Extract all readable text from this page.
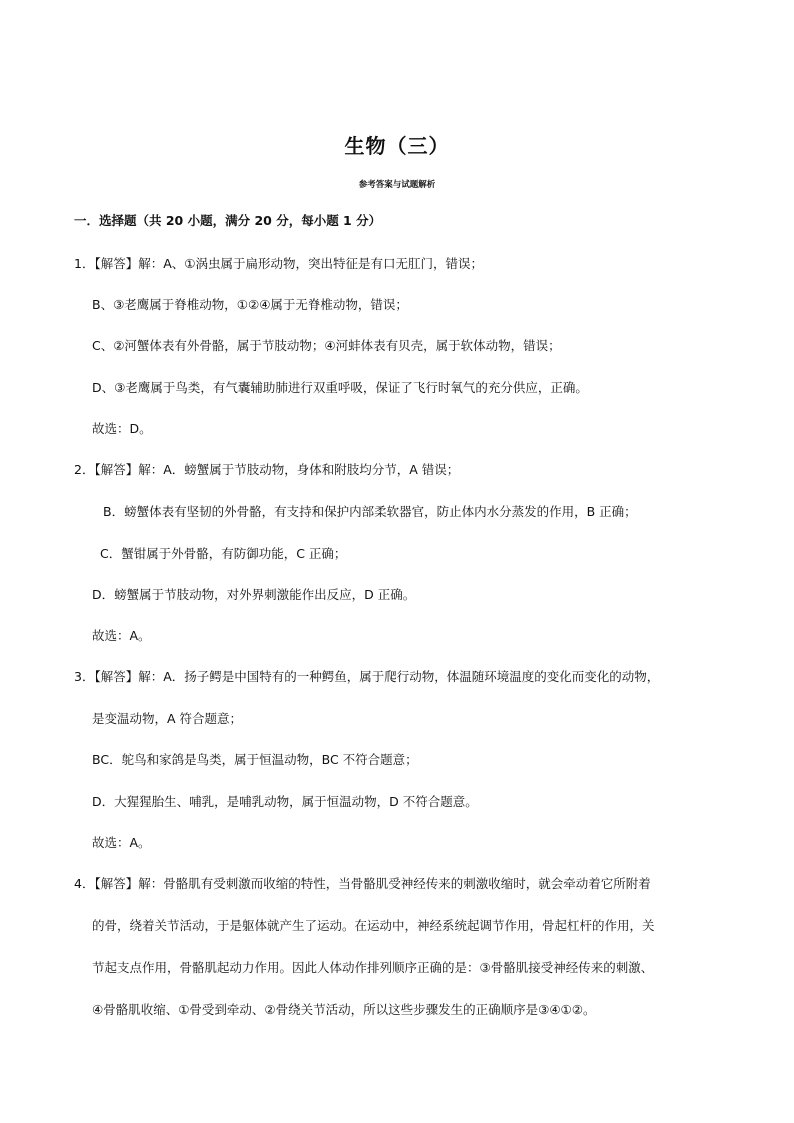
生物（三）
参考答案与试题解析
一．选择题（共 20 小题，满分 20 分，每小题 1 分）
1．【解答】解：A、①涡虫属于扁形动物，突出特征是有口无肛门，错误；
B、③老鹰属于脊椎动物，①②④属于无脊椎动物，错误；
C、②河蟹体表有外骨骼，属于节肢动物；④河蚌体表有贝壳，属于软体动物，错误；
D、③老鹰属于鸟类，有气囊辅助肺进行双重呼吸，保证了飞行时氧气的充分供应，正确。
故选：D。
2．【解答】解：A．螃蟹属于节肢动物，身体和附肢均分节，A 错误；
B．螃蟹体表有坚韧的外骨骼，有支持和保护内部柔软器官，防止体内水分蒸发的作用，B 正确；
C．蟹钳属于外骨骼，有防御功能，C 正确；
D．螃蟹属于节肢动物，对外界刺激能作出反应，D 正确。
故选：A。
3．【解答】解：A．扬子鳄是中国特有的一种鳄鱼，属于爬行动物，体温随环境温度的变化而变化的动物，
是变温动物，A 符合题意；
BC．鸵鸟和家鸽是鸟类，属于恒温动物，BC 不符合题意；
D．大猩猩胎生、哺乳，是哺乳动物，属于恒温动物，D 不符合题意。
故选：A。
4．【解答】解：骨骼肌有受刺激而收缩的特性，当骨骼肌受神经传来的刺激收缩时，就会牵动着它所附着
的骨，绕着关节活动，于是躯体就产生了运动。在运动中，神经系统起调节作用，骨起杠杆的作用，关
节起支点作用，骨骼肌起动力作用。因此人体动作排列顺序正确的是：③骨骼肌接受神经传来的刺激、
④骨骼肌收缩、①骨受到牵动、②骨绕关节活动，所以这些步骤发生的正确顺序是③④①②。
